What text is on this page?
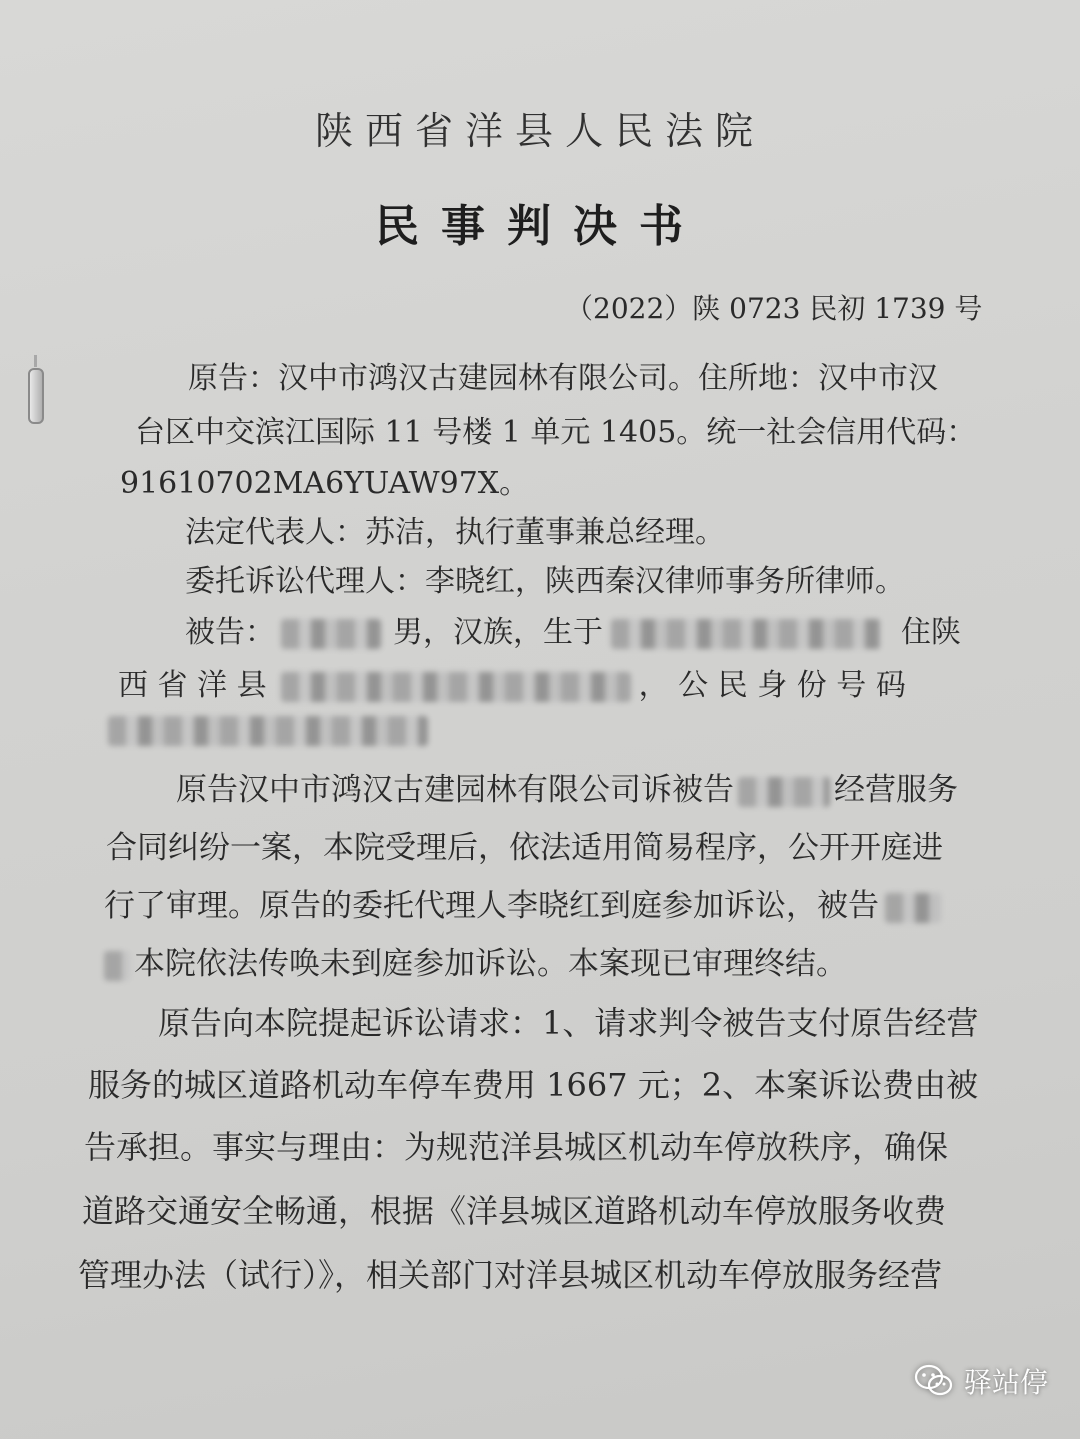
陕西省洋县人民法院
民事判决书
（2022）陕 0723 民初 1739 号
原告：汉中市鸿汉古建园林有限公司。住所地：汉中市汉
台区中交滨江国际 11 号楼 1 单元 1405。统一社会信用代码：
91610702MA6YUAW97X。
法定代表人：苏洁，执行董事兼总经理。
委托诉讼代理人：李晓红，陕西秦汉律师事务所律师。
被告：	男，汉族，生于	住陕
西 省 洋 县	， 公 民 身 份 号 码
原告汉中市鸿汉古建园林有限公司诉被告	经营服务
合同纠纷一案，本院受理后，依法适用简易程序，公开开庭进
行了审理。原告的委托代理人李晓红到庭参加诉讼，被告
本院依法传唤未到庭参加诉讼。本案现已审理终结。
原告向本院提起诉讼请求：1、请求判令被告支付原告经营
服务的城区道路机动车停车费用 1667 元；2、本案诉讼费由被
告承担。事实与理由：为规范洋县城区机动车停放秩序，确保
道路交通安全畅通，根据《洋县城区道路机动车停放服务收费
管理办法（试行）》，相关部门对洋县城区机动车停放服务经营
驿站停
